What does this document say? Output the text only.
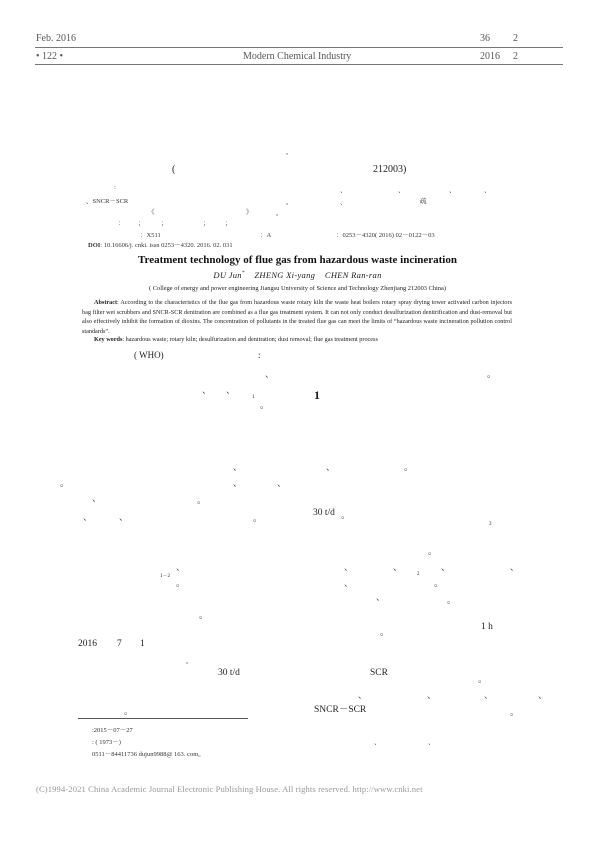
Feb. 2016	36 2
• 122 •	Modern Chemical Industry	2016 2
。
(	212003)
:	、	、	、	、
、SNCR－SCR	。	、	疏
《	》	。
： ；	；	； ；
：X511	：A	：0253－4320( 2016) 02－0122－03
DOI: 10.16606/j. cnki. issn 0253－4320. 2016. 02. 031
Treatment technology of flue gas from hazardous waste incineration
DU Jun* ZHENG Xi-yang CHEN Ran-ran
( College of energy and power engineering Jiangsu University of Science and Technology Zhenjiang 212003 China)
Abstract: According to the characteristics of the flue gas from hazardous waste rotary kiln the waste heat boilers rotary spray drying tower activated carbon injectors bag filter wet scrubbers and SNCR-SCR denitration are combined as a flue gas treatment system. It can not only conduct desulfurization denitrification and dust-removal but also effectively inhibit the formation of dioxins. The concentration of pollutants in the treated flue gas can meet the limits of “hazardous waste incineration pollution control standards”.
Key words: hazardous waste; rotary kiln; desulfurization and denitration; dust removal; flue gas treatment process
( WHO)	:
、	。
、 、
1
。
1
、	、	。
。	、	、
、	。
、	、	。	30 t/d 。
3
。
、	、	、	、	、
1－2
。	、
2
。
、	。
。
。	1 h
2016 7 1
。
30 t/d	SCR
。
、	、	、	、
。	SNCR－SCR	。
:2015－07－27
: ( 1973－)	、	、
0511－84411736 dujun9988@ 163. com。
(C)1994-2021 China Academic Journal Electronic Publishing House. All rights reserved. http://www.cnki.net
